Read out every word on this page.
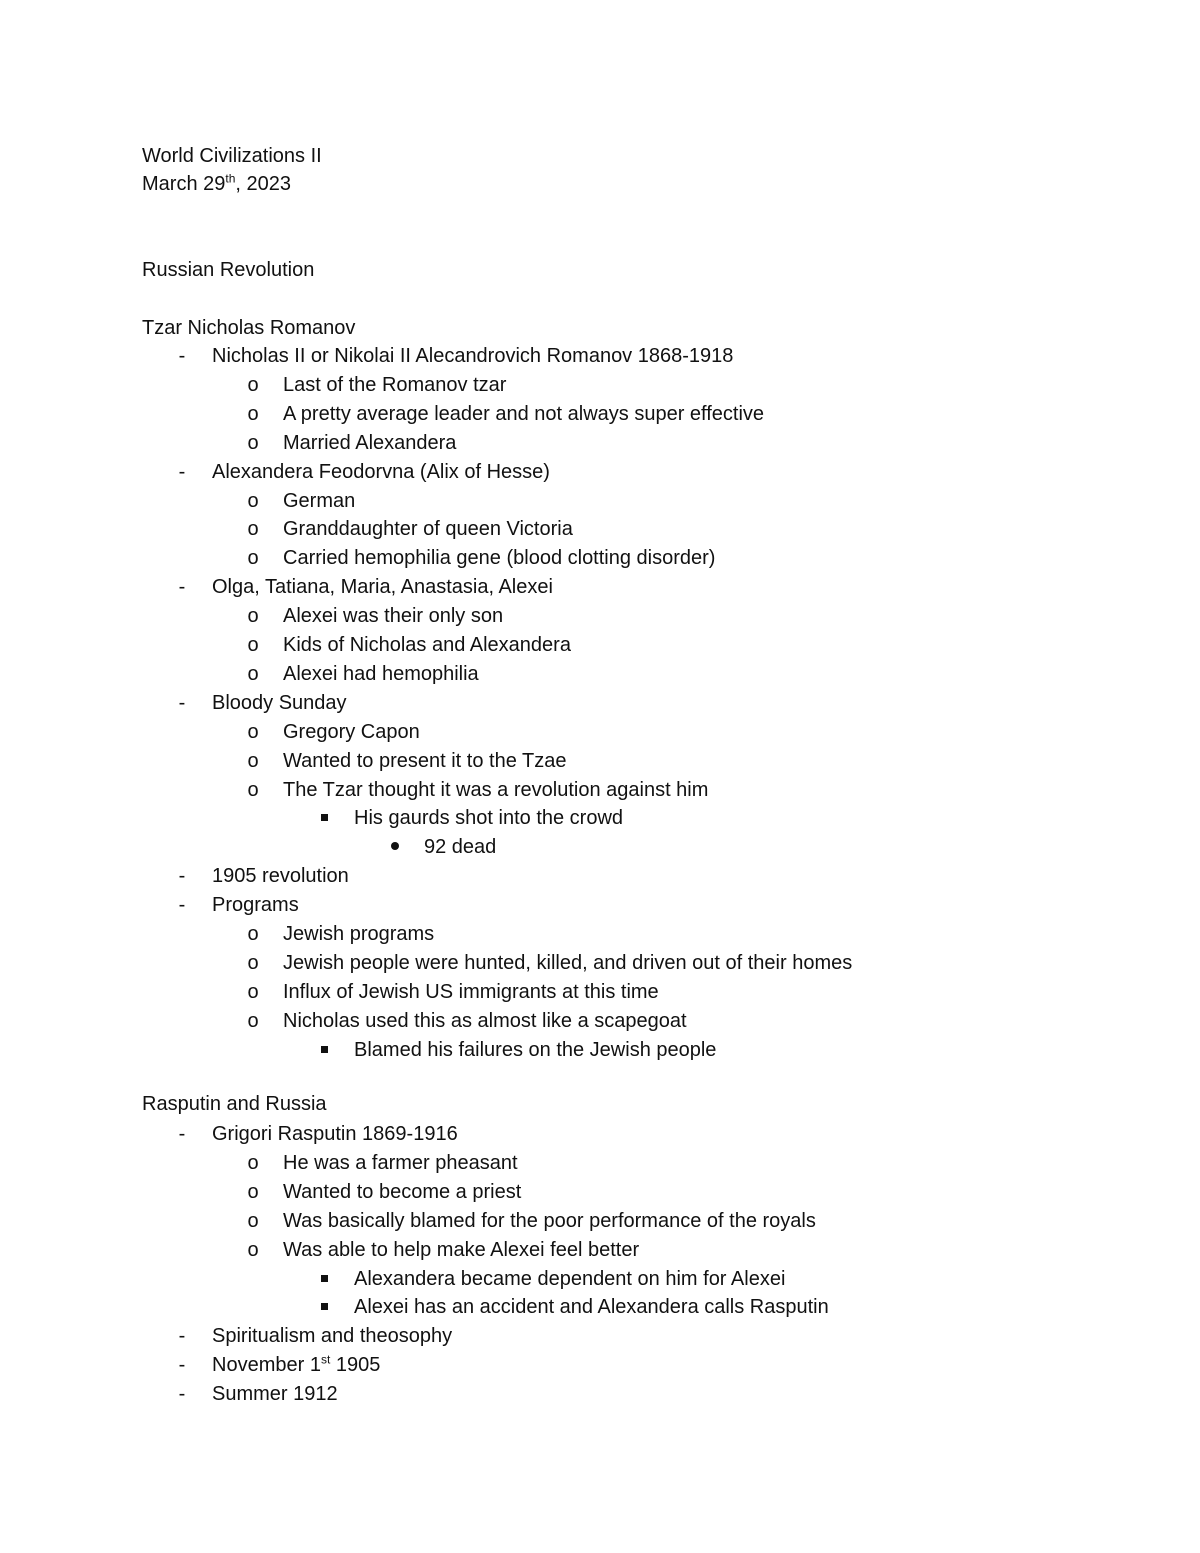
World Civilizations II
March 29th, 2023
Russian Revolution
Tzar Nicholas Romanov
- Nicholas II or Nikolai II Alecandrovich Romanov 1868-1918
o Last of the Romanov tzar
o A pretty average leader and not always super effective
o Married Alexandera
- Alexandera Feodorvna (Alix of Hesse)
o German
o Granddaughter of queen Victoria
o Carried hemophilia gene (blood clotting disorder)
- Olga, Tatiana, Maria, Anastasia, Alexei
o Alexei was their only son
o Kids of Nicholas and Alexandera
o Alexei had hemophilia
- Bloody Sunday
o Gregory Capon
o Wanted to present it to the Tzae
o The Tzar thought it was a revolution against him
His gaurds shot into the crowd
92 dead
- 1905 revolution
- Programs
o Jewish programs
o Jewish people were hunted, killed, and driven out of their homes
o Influx of Jewish US immigrants at this time
o Nicholas used this as almost like a scapegoat
Blamed his failures on the Jewish people
Rasputin and Russia
- Grigori Rasputin 1869-1916
o He was a farmer pheasant
o Wanted to become a priest
o Was basically blamed for the poor performance of the royals
o Was able to help make Alexei feel better
Alexandera became dependent on him for Alexei
Alexei has an accident and Alexandera calls Rasputin
- Spiritualism and theosophy
- November 1st 1905
- Summer 1912
